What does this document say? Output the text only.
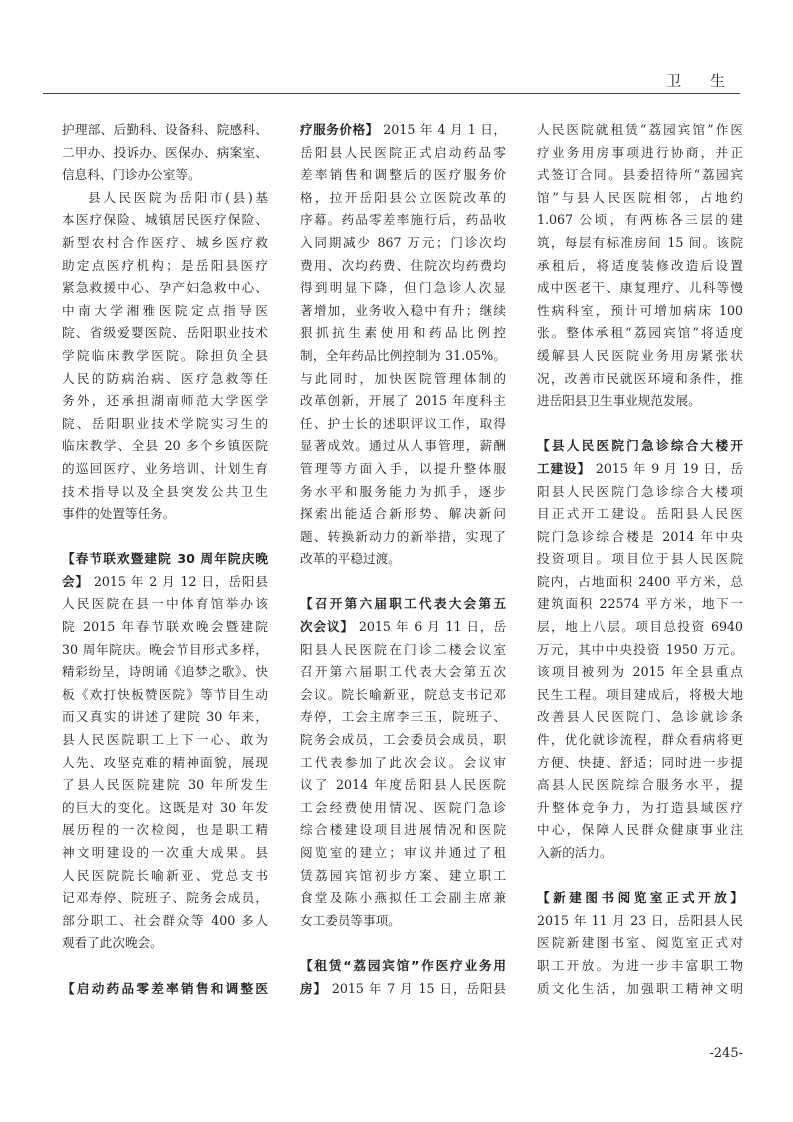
卫 生
护理部、后勤科、设备科、院感科、
二甲办、投诉办、医保办、病案室、
信息科、门诊办公室等。
县人民医院为岳阳市(县)基
本医疗保险、城镇居民医疗保险、
新型农村合作医疗、城乡医疗救
助定点医疗机构；是岳阳县医疗
紧急救援中心、孕产妇急救中心、
中南大学湘雅医院定点指导医
院、省级爱婴医院、岳阳职业技术
学院临床教学医院。除担负全县
人民的防病治病、医疗急救等任
务外，还承担湖南师范大学医学
院、岳阳职业技术学院实习生的
临床教学、全县 20 多个乡镇医院
的巡回医疗、业务培训、计划生育
技术指导以及全县突发公共卫生
事件的处置等任务。
【春节联欢暨建院 30 周年院庆晚
会】 2015 年 2 月 12 日，岳阳县
人民医院在县一中体育馆举办该
院 2015 年春节联欢晚会暨建院
30 周年院庆。晚会节目形式多样，
精彩纷呈，诗朗诵《追梦之歌》、快
板《欢打快板赞医院》等节目生动
而又真实的讲述了建院 30 年来，
县人民医院职工上下一心、敢为
人先、攻坚克难的精神面貌，展现
了县人民医院建院 30 年所发生
的巨大的变化。这既是对 30 年发
展历程的一次检阅，也是职工精
神文明建设的一次重大成果。县
人民医院院长喻新亚、党总支书
记邓寿停、院班子、院务会成员，
部分职工、社会群众等 400 多人
观看了此次晚会。
【启动药品零差率销售和调整医
疗服务价格】 2015 年 4 月 1 日，
岳阳县人民医院正式启动药品零
差率销售和调整后的医疗服务价
格，拉开岳阳县公立医院改革的
序幕。药品零差率施行后，药品收
入同期减少 867 万元；门诊次均
费用、次均药费、住院次均药费均
得到明显下降，但门急诊人次显
著增加，业务收入稳中有升；继续
狠抓抗生素使用和药品比例控
制，全年药品比例控制为 31.05%。
与此同时，加快医院管理体制的
改革创新，开展了 2015 年度科主
任、护士长的述职评议工作，取得
显著成效。通过从人事管理，薪酬
管理等方面入手，以提升整体服
务水平和服务能力为抓手，逐步
探索出能适合新形势、解决新问
题、转换新动力的新举措，实现了
改革的平稳过渡。
【召开第六届职工代表大会第五
次会议】 2015 年 6 月 11 日，岳
阳县人民医院在门诊二楼会议室
召开第六届职工代表大会第五次
会议。院长喻新亚，院总支书记邓
寿停，工会主席李三玉，院班子、
院务会成员，工会委员会成员，职
工代表参加了此次会议。会议审
议了 2014 年度岳阳县人民医院
工会经费使用情况、医院门急诊
综合楼建设项目进展情况和医院
阅览室的建立；审议并通过了租
赁荔园宾馆初步方案、建立职工
食堂及陈小燕拟任工会副主席兼
女工委员等事项。
【租赁“荔园宾馆”作医疗业务用
房】 2015 年 7 月 15 日，岳阳县
人民医院就租赁“荔园宾馆”作医
疗业务用房事项进行协商，并正
式签订合同。县委招待所“荔园宾
馆”与县人民医院相邻，占地约
1.067 公顷，有两栋各三层的建
筑，每层有标准房间 15 间。该院
承租后，将适度装修改造后设置
成中医老干、康复理疗、儿科等慢
性病科室，预计可增加病床 100
张。整体承租“荔园宾馆”将适度
缓解县人民医院业务用房紧张状
况，改善市民就医环境和条件，推
进岳阳县卫生事业规范发展。
【县人民医院门急诊综合大楼开
工建设】 2015 年 9 月 19 日，岳
阳县人民医院门急诊综合大楼项
目正式开工建设。岳阳县人民医
院门急诊综合楼是 2014 年中央
投资项目。项目位于县人民医院
院内，占地面积 2400 平方米，总
建筑面积 22574 平方米，地下一
层，地上八层。项目总投资 6940
万元，其中中央投资 1950 万元。
该项目被列为 2015 年全县重点
民生工程。项目建成后，将极大地
改善县人民医院门、急诊就诊条
件，优化就诊流程，群众看病将更
方便、快捷、舒适；同时进一步提
高县人民医院综合服务水平，提
升整体竞争力，为打造县域医疗
中心，保障人民群众健康事业注
入新的活力。
【新建图书阅览室正式开放】
2015 年 11 月 23 日，岳阳县人民
医院新建图书室、阅览室正式对
职工开放。为进一步丰富职工物
质文化生活，加强职工精神文明
-245-
